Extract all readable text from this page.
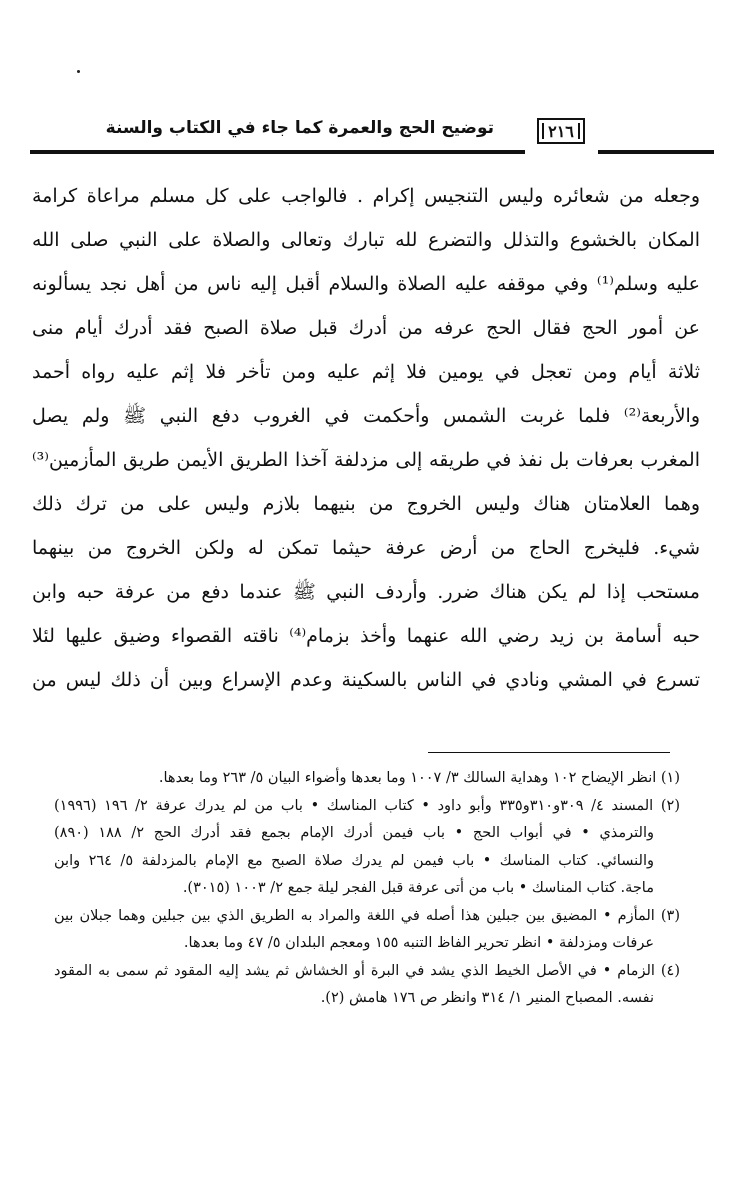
٢١٦
توضيح الحج والعمرة كما جاء في الكتاب والسنة
وجعله من شعائره وليس التنجيس إكرام . فالواجب على كل مسلم مراعاة كرامة
المكان بالخشوع والتذلل والتضرع لله تبارك وتعالى والصلاة على النبي صلى الله
عليه وسلم⁽¹⁾ وفي موقفه عليه الصلاة والسلام أقبل إليه ناس من أهل نجد يسألونه
عن أمور الحج فقال الحج عرفه من أدرك قبل صلاة الصبح فقد أدرك أيام منى
ثلاثة أيام ومن تعجل في يومين فلا إثم عليه ومن تأخر فلا إثم عليه رواه أحمد
والأربعة⁽²⁾ فلما غربت الشمس وأحكمت في الغروب دفع النبي ﷺ ولم يصل
المغرب بعرفات بل نفذ في طريقه إلى مزدلفة آخذا الطريق الأيمن طريق المأزمين⁽³⁾
وهما العلامتان هناك وليس الخروج من بنيهما بلازم وليس على من ترك ذلك
شيء. فليخرج الحاج من أرض عرفة حيثما تمكن له ولكن الخروج من بينهما
مستحب إذا لم يكن هناك ضرر. وأردف النبي ﷺ عندما دفع من عرفة حبه وابن
حبه أسامة بن زيد رضي الله عنهما وأخذ بزمام⁽⁴⁾ ناقته القصواء وضيق عليها لئلا
تسرع في المشي ونادي في الناس بالسكينة وعدم الإسراع وبين أن ذلك ليس من
(١) انظر الإيضاح ١٠٢ وهداية السالك ٣/ ١٠٠٧ وما بعدها وأضواء البيان ٥/ ٢٦٣ وما بعدها.
(٢) المسند ٤/ ٣٠٩و٣١٠و٣٣٥ وأبو داود • كتاب المناسك • باب من لم يدرك عرفة ٢/ ١٩٦ (١٩٩٦)
والترمذي • في أبواب الحج • باب فيمن أدرك الإمام بجمع فقد أدرك الحج ٢/ ١٨٨ (٨٩٠)
والنسائي. كتاب المناسك • باب فيمن لم يدرك صلاة الصبح مع الإمام بالمزدلفة ٥/ ٢٦٤ وابن
ماجة. كتاب المناسك • باب من أتى عرفة قبل الفجر ليلة جمع ٢/ ١٠٠٣ (٣٠١٥).
(٣) المأزم • المضيق بين جبلين هذا أصله في اللغة والمراد به الطريق الذي بين جبلين وهما جبلان بين
عرفات ومزدلفة • انظر تحرير الفاظ التنبه ١٥٥ ومعجم البلدان ٥/ ٤٧ وما بعدها.
(٤) الزمام • في الأصل الخيط الذي يشد في البرة أو الخشاش ثم يشد إليه المقود ثم سمى به المقود
نفسه. المصباح المنير ١/ ٣١٤ وانظر ص ١٧٦ هامش (٢).
